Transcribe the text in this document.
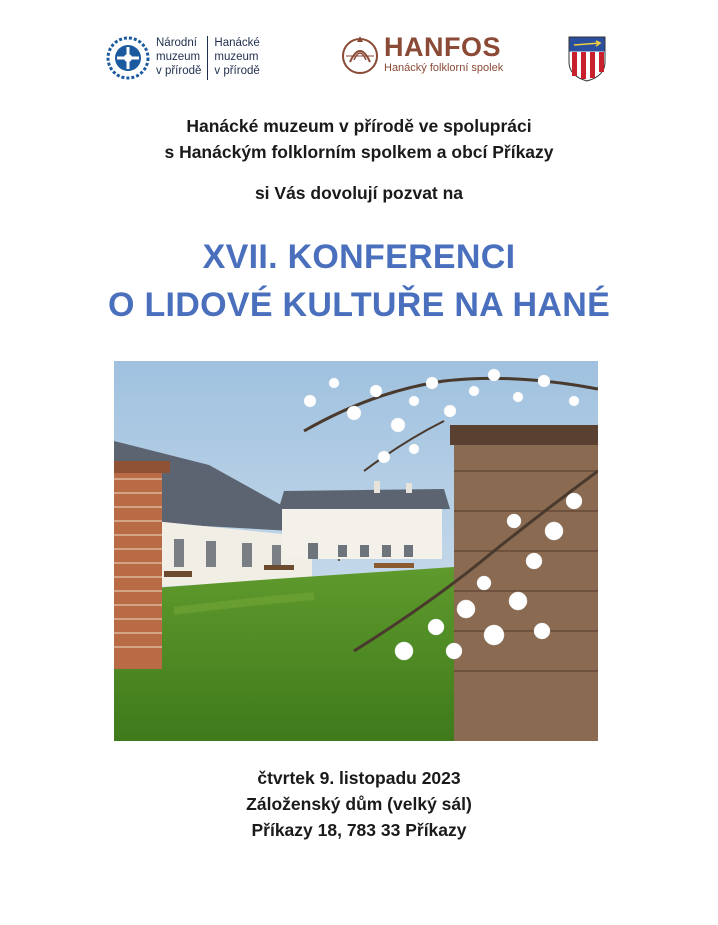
Národní
muzeum
v přírodě
Hanácké
muzeum
v přírodě
HANFOS
Hanácký folklorní spolek
Hanácké muzeum v přírodě ve spolupráci
s Hanáckým folklorním spolkem a obcí Příkazy
si Vás dovolují pozvat na
XVII. KONFERENCI
O LIDOVÉ KULTUŘE NA HANÉ
čtvrtek 9. listopadu 2023
Záloženský dům (velký sál)
Příkazy 18, 783 33 Příkazy
